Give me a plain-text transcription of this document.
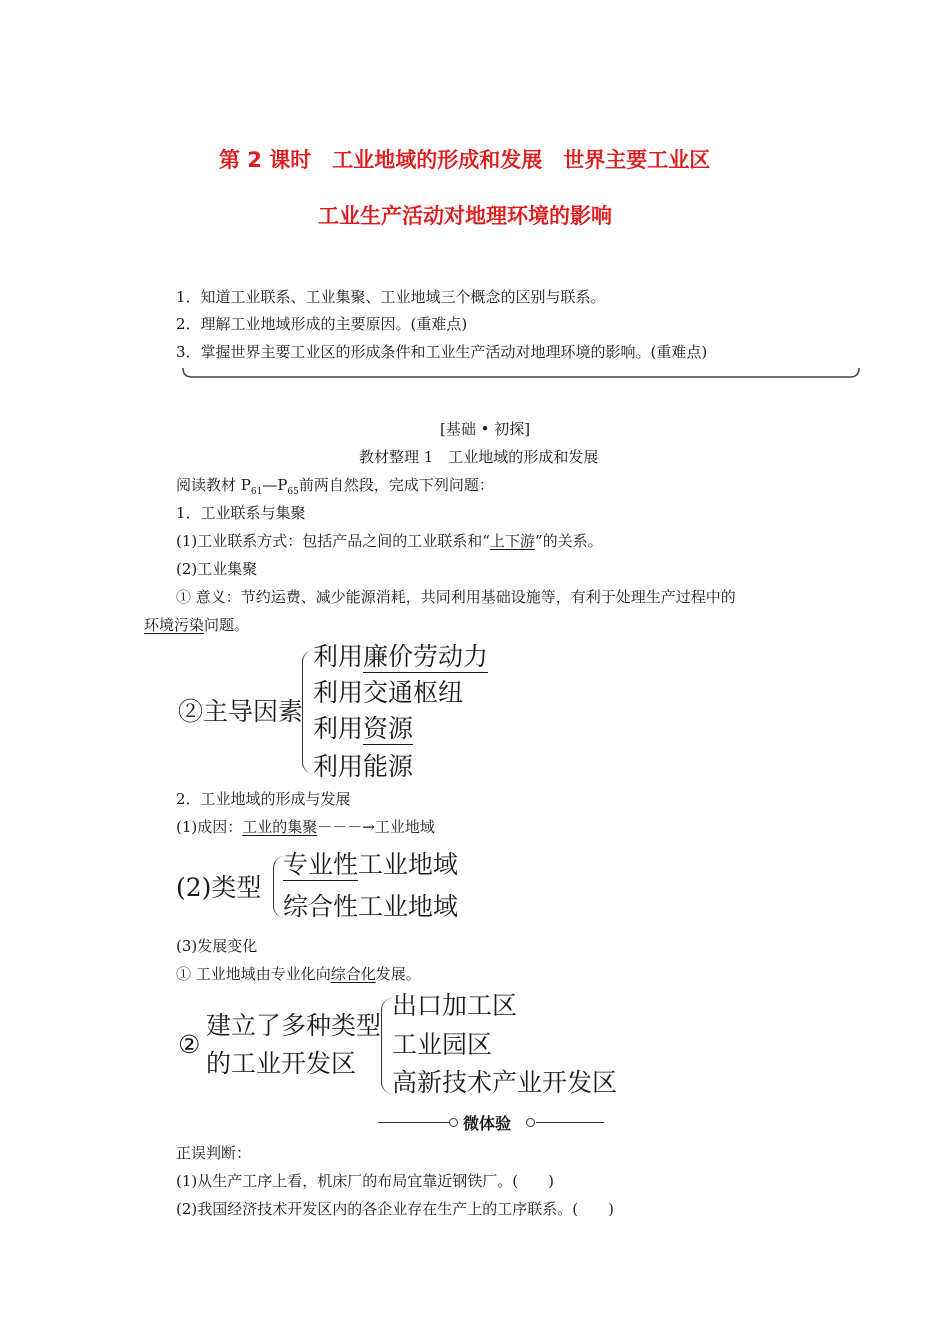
第 2 课时　工业地域的形成和发展　世界主要工业区
工业生产活动对地理环境的影响
1．知道工业联系、工业集聚、工业地域三个概念的区别与联系。
2．理解工业地域形成的主要原因。(重难点)
3．掌握世界主要工业区的形成条件和工业生产活动对地理环境的影响。(重难点)
[基础 • 初探]
教材整理 1　工业地域的形成和发展
阅读教材 $P_{61}—P_{65}$前两自然段，完成下列问题：
1．工业联系与集聚
(1)工业联系方式：包括产品之间的工业联系和“上下游”的关系。
(2)工业集聚
① 意义：节约运费、减少能源消耗，共同利用基础设施等，有利于处理生产过程中的
环境污染问题。
②主导因素
利用廉价劳动力
利用交通枢纽
利用资源
利用能源
2．工业地域的形成与发展
(1)成因：工业的集聚－－－→工业地域
(2)类型
专业性工业地域
综合性工业地域
(3)发展变化
① 工业地域由专业化向综合化发展。
②
建立了多种类型
的工业开发区
出口加工区
工业园区
高新技术产业开发区
微体验
正误判断：
(1)从生产工序上看，机床厂的布局宜靠近钢铁厂。(　　)
(2)我国经济技术开发区内的各企业存在生产上的工序联系。(　　)
